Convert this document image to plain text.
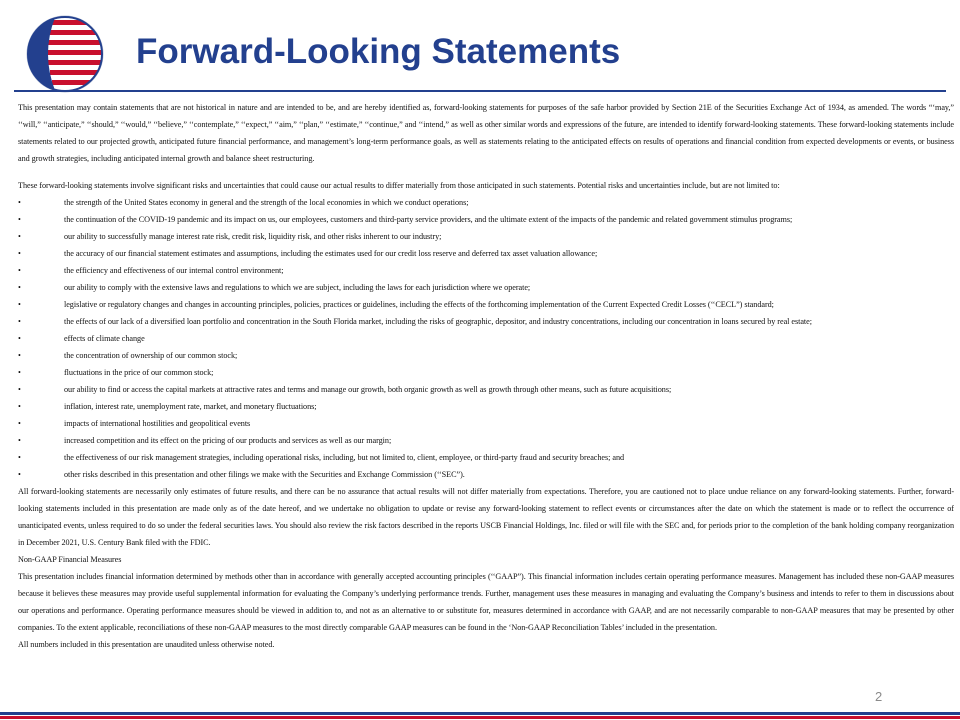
Forward-Looking Statements

This presentation may contain statements that are not historical in nature and are intended to be, and are hereby identified as, forward-looking statements for purposes of the safe harbor provided by Section 21E of the Securities Exchange Act of 1934, as amended. The words “‘may,” ‘‘will,” ‘‘anticipate,” ‘‘should,” ‘‘would,” ‘‘believe,” ‘‘contemplate,” ‘‘expect,” ‘‘aim,” ‘‘plan,” ‘‘estimate,” ‘‘continue,” and ‘‘intend,” as well as other similar words and expressions of the future, are intended to identify forward-looking statements. These forward-looking statements include statements related to our projected growth, anticipated future financial performance, and management’s long-term performance goals, as well as statements relating to the anticipated effects on results of operations and financial condition from expected developments or events, or business and growth strategies, including anticipated internal growth and balance sheet restructuring.

These forward-looking statements involve significant risks and uncertainties that could cause our actual results to differ materially from those anticipated in such statements. Potential risks and uncertainties include, but are not limited to:

•	the strength of the United States economy in general and the strength of the local economies in which we conduct operations;
•	the continuation of the COVID-19 pandemic and its impact on us, our employees, customers and third-party service providers, and the ultimate extent of the impacts of the pandemic and related government stimulus programs;
•	our ability to successfully manage interest rate risk, credit risk, liquidity risk, and other risks inherent to our industry;
•	the accuracy of our financial statement estimates and assumptions, including the estimates used for our credit loss reserve and deferred tax asset valuation allowance;
•	the efficiency and effectiveness of our internal control environment;
•	our ability to comply with the extensive laws and regulations to which we are subject, including the laws for each jurisdiction where we operate;
•	legislative or regulatory changes and changes in accounting principles, policies, practices or guidelines, including the effects of the forthcoming implementation of the Current Expected Credit Losses (‘‘CECL”) standard;
•	the effects of our lack of a diversified loan portfolio and concentration in the South Florida market, including the risks of geographic, depositor, and industry concentrations, including our concentration in loans secured by real estate;
•	effects of climate change
•	the concentration of ownership of our common stock;
•	fluctuations in the price of our common stock;
•	our ability to find or access the capital markets at attractive rates and terms and manage our growth, both organic growth as well as growth through other means, such as future acquisitions;
•	inflation, interest rate, unemployment rate, market, and monetary fluctuations;
•	impacts of international hostilities and geopolitical events
•	increased competition and its effect on the pricing of our products and services as well as our margin;
•	the effectiveness of our risk management strategies, including operational risks, including, but not limited to, client, employee, or third-party fraud and security breaches; and
•	other risks described in this presentation and other filings we make with the Securities and Exchange Commission (‘‘SEC”).

All forward-looking statements are necessarily only estimates of future results, and there can be no assurance that actual results will not differ materially from expectations. Therefore, you are cautioned not to place undue reliance on any forward-looking statements. Further, forward-looking statements included in this presentation are made only as of the date hereof, and we undertake no obligation to update or revise any forward-looking statement to reflect events or circumstances after the date on which the statement is made or to reflect the occurrence of unanticipated events, unless required to do so under the federal securities laws. You should also review the risk factors described in the reports USCB Financial Holdings, Inc. filed or will file with the SEC and, for periods prior to the completion of the bank holding company reorganization in December 2021, U.S. Century Bank filed with the FDIC.

Non-GAAP Financial Measures

This presentation includes financial information determined by methods other than in accordance with generally accepted accounting principles (‘‘GAAP”). This financial information includes certain operating performance measures. Management has included these non-GAAP measures because it believes these measures may provide useful supplemental information for evaluating the Company’s underlying performance trends. Further, management uses these measures in managing and evaluating the Company’s business and intends to refer to them in discussions about our operations and performance. Operating performance measures should be viewed in addition to, and not as an alternative to or substitute for, measures determined in accordance with GAAP, and are not necessarily comparable to non-GAAP measures that may be presented by other companies. To the extent applicable, reconciliations of these non-GAAP measures to the most directly comparable GAAP measures can be found in the ‘Non-GAAP Reconciliation Tables’ included in the presentation.

All numbers included in this presentation are unaudited unless otherwise noted.

2
